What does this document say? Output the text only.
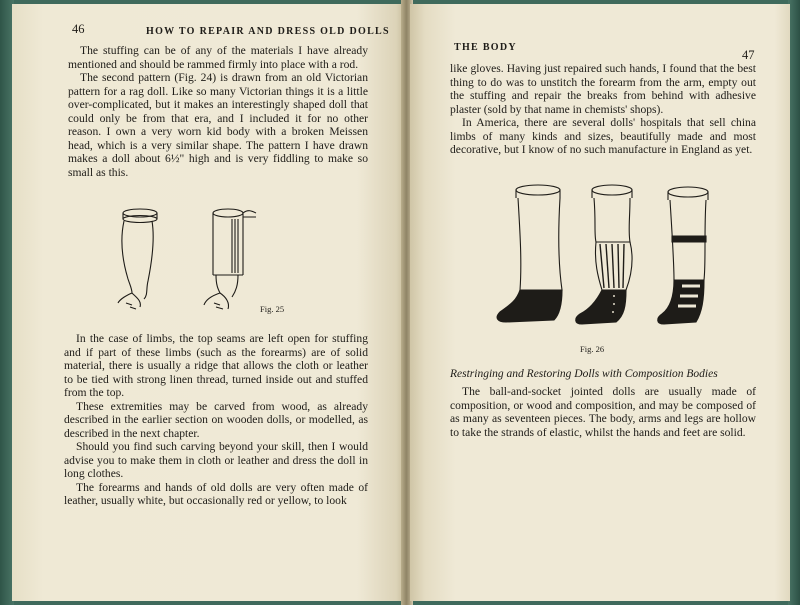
46	HOW TO REPAIR AND DRESS OLD DOLLS

The stuffing can be of any of the materials I have already mentioned and should be rammed firmly into place with a rod.

The second pattern (Fig. 24) is drawn from an old Victorian pattern for a rag doll. Like so many Victorian things it is a little over-complicated, but it makes an interestingly shaped doll that could only be from that era, and I included it for no other reason. I own a very worn kid body with a broken Meissen head, which is a very similar shape. The pattern I have drawn makes a doll about 6½" high and is very fiddling to make so small as this.

Fig. 25

In the case of limbs, the top seams are left open for stuffing and if part of these limbs (such as the forearms) are of solid material, there is usually a ridge that allows the cloth or leather to be tied with strong linen thread, turned inside out and stuffed from the top.

These extremities may be carved from wood, as already described in the earlier section on wooden dolls, or modelled, as described in the next chapter.

Should you find such carving beyond your skill, then I would advise you to make them in cloth or leather and dress the doll in long clothes.

The forearms and hands of old dolls are very often made of leather, usually white, but occasionally red or yellow, to look

THE BODY
47

like gloves. Having just repaired such hands, I found that the best thing to do was to unstitch the forearm from the arm, empty out the stuffing and repair the breaks from behind with adhesive plaster (sold by that name in chemists' shops).

In America, there are several dolls' hospitals that sell china limbs of many kinds and sizes, beautifully made and most decorative, but I know of no such manufacture in England as yet.

Fig. 26
Restringing and Restoring Dolls with Composition Bodies

The ball-and-socket jointed dolls are usually made of composition, or wood and composition, and may be composed of as many as seventeen pieces. The body, arms and legs are hollow to take the strands of elastic, whilst the hands and feet are solid.
